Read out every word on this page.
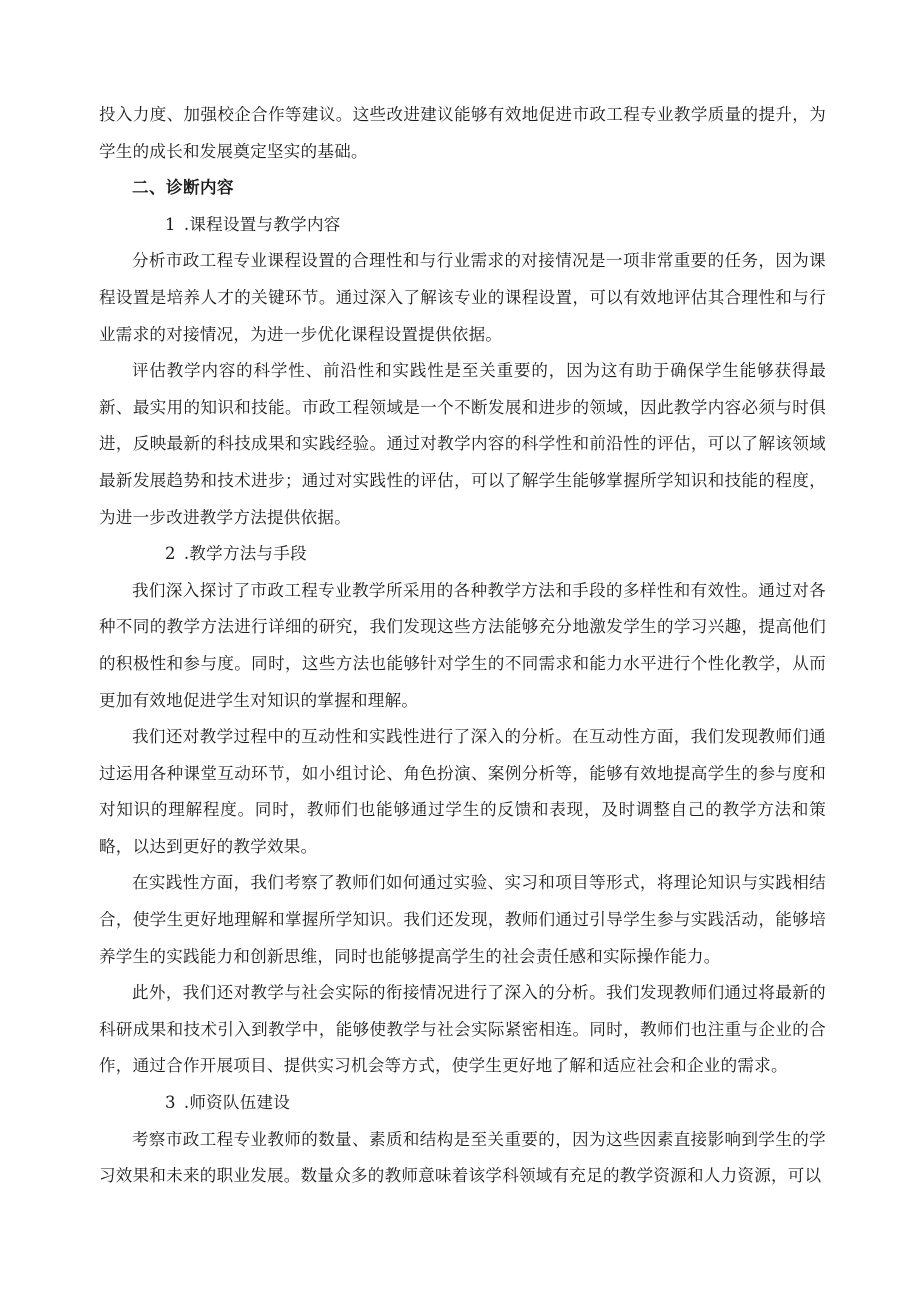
投入力度、加强校企合作等建议。这些改进建议能够有效地促进市政工程专业教学质量的提升，为学生的成长和发展奠定坚实的基础。

二、诊断内容

1 .课程设置与教学内容

分析市政工程专业课程设置的合理性和与行业需求的对接情况是一项非常重要的任务，因为课程设置是培养人才的关键环节。通过深入了解该专业的课程设置，可以有效地评估其合理性和与行业需求的对接情况，为进一步优化课程设置提供依据。

评估教学内容的科学性、前沿性和实践性是至关重要的，因为这有助于确保学生能够获得最新、最实用的知识和技能。市政工程领域是一个不断发展和进步的领域，因此教学内容必须与时俱进，反映最新的科技成果和实践经验。通过对教学内容的科学性和前沿性的评估，可以了解该领域最新发展趋势和技术进步；通过对实践性的评估，可以了解学生能够掌握所学知识和技能的程度，为进一步改进教学方法提供依据。

2 .教学方法与手段

我们深入探讨了市政工程专业教学所采用的各种教学方法和手段的多样性和有效性。通过对各种不同的教学方法进行详细的研究，我们发现这些方法能够充分地激发学生的学习兴趣，提高他们的积极性和参与度。同时，这些方法也能够针对学生的不同需求和能力水平进行个性化教学，从而更加有效地促进学生对知识的掌握和理解。

我们还对教学过程中的互动性和实践性进行了深入的分析。在互动性方面，我们发现教师们通过运用各种课堂互动环节，如小组讨论、角色扮演、案例分析等，能够有效地提高学生的参与度和对知识的理解程度。同时，教师们也能够通过学生的反馈和表现，及时调整自己的教学方法和策略，以达到更好的教学效果。

在实践性方面，我们考察了教师们如何通过实验、实习和项目等形式，将理论知识与实践相结合，使学生更好地理解和掌握所学知识。我们还发现，教师们通过引导学生参与实践活动，能够培养学生的实践能力和创新思维，同时也能够提高学生的社会责任感和实际操作能力。

此外，我们还对教学与社会实际的衔接情况进行了深入的分析。我们发现教师们通过将最新的科研成果和技术引入到教学中，能够使教学与社会实际紧密相连。同时，教师们也注重与企业的合作，通过合作开展项目、提供实习机会等方式，使学生更好地了解和适应社会和企业的需求。

3 .师资队伍建设

考察市政工程专业教师的数量、素质和结构是至关重要的，因为这些因素直接影响到学生的学习效果和未来的职业发展。数量众多的教师意味着该学科领域有充足的教学资源和人力资源，可以
